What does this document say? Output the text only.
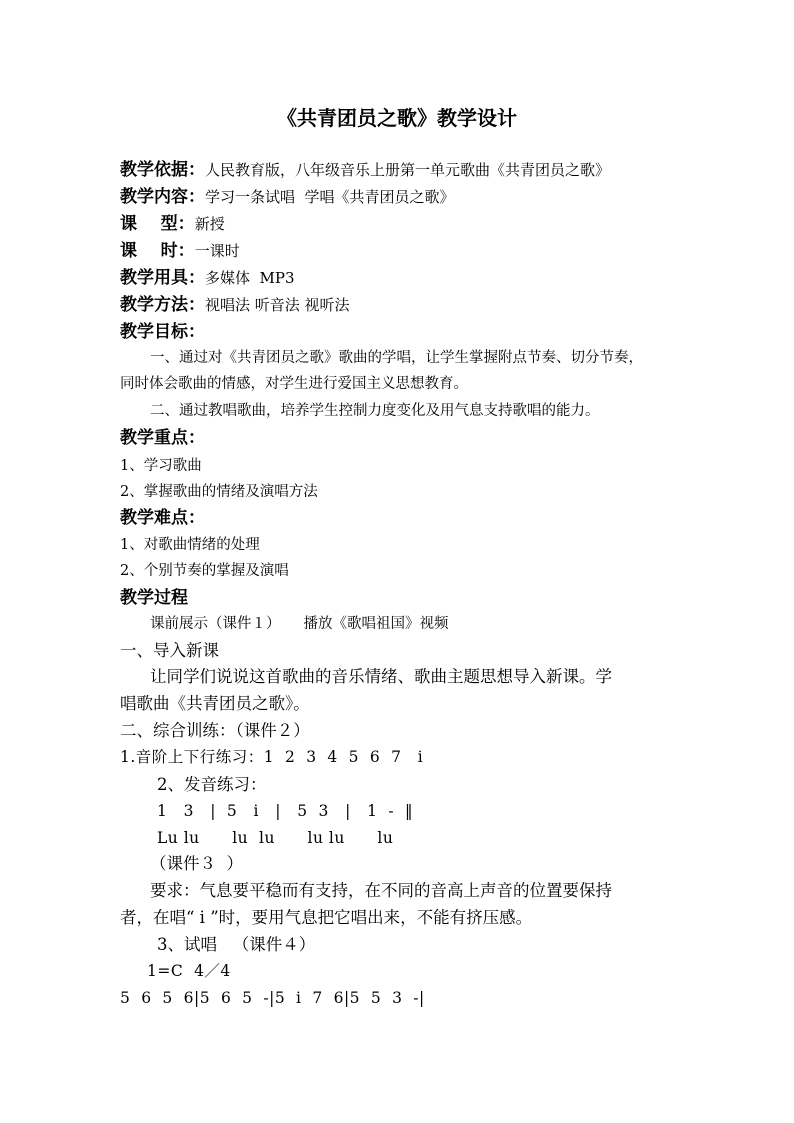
《共青团员之歌》教学设计
教学依据：人民教育版，八年级音乐上册第一单元歌曲《共青团员之歌》
教学内容：学习一条试唱  学唱《共青团员之歌》
课    型：新授
课    时：一课时
教学用具：多媒体  MP3
教学方法：视唱法 听音法 视听法
教学目标：
一、通过对《共青团员之歌》歌曲的学唱，让学生掌握附点节奏、切分节奏，
同时体会歌曲的情感，对学生进行爱国主义思想教育。
二、通过教唱歌曲，培养学生控制力度变化及用气息支持歌唱的能力。
教学重点：
1、学习歌曲
2、掌握歌曲的情绪及演唱方法
教学难点：
1、对歌曲情绪的处理
2、个别节奏的掌握及演唱
教学过程
课前展示（课件１）     播放《歌唱祖国》视频
一、导入新课
让同学们说说这首歌曲的音乐情绪、歌曲主题思想导入新课。学
唱歌曲《共青团员之歌》。
二、综合训练：（课件２）
1.音阶上下行练习：1  2  3  4  5  6  7   i
2、发音练习：
1   3   |  5   i   |   5  3   |   1  -  ‖
Lu lu      lu  lu      lu lu      lu
（课件３  ）
要求：气息要平稳而有支持，在不同的音高上声音的位置要保持
者，在唱“ i ”时，要用气息把它唱出来，不能有挤压感。
3、试唱   （课件４）
1=C  4／4
5  6  5  6|5  6  5  -|5  i  7  6|5  5  3  -|
